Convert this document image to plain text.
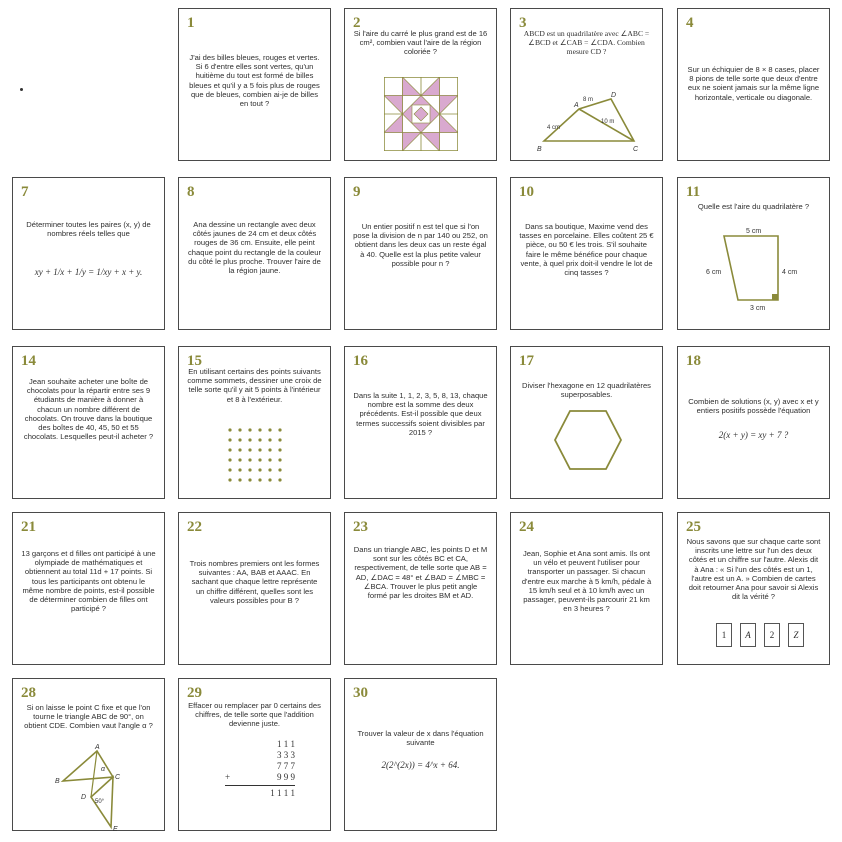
1
J'ai des billes bleues, rouges et vertes. Si 6 d'entre elles sont vertes, qu'un huitième du tout est formé de billes bleues et qu'il y a 5 fois plus de rouges que de bleues, combien ai-je de billes en tout ?
2
Si l'aire du carré le plus grand est de 16 cm², combien vaut l'aire de la région coloriée ?
3
ABCD est un quadrilatère avec ∠ABC = ∠BCD et ∠CAB = ∠CDA. Combien mesure CD ?
A
B	C
D
4 cm
10 m
8 m
4
Sur un échiquier de 8 × 8 cases, placer 8 pions de telle sorte que deux d'entre eux ne soient jamais sur la même ligne horizontale, verticale ou diagonale.
7
Déterminer toutes les paires (x, y) de nombres réels telles que
xy + 1/x + 1/y = 1/xy + x + y.
8
Ana dessine un rectangle avec deux côtés jaunes de 24 cm et deux côtés rouges de 36 cm. Ensuite, elle peint chaque point du rectangle de la couleur du côté le plus proche. Trouver l'aire de la région jaune.
9
Un entier positif n est tel que si l'on pose la division de n par 140 ou 252, on obtient dans les deux cas un reste égal à 40. Quelle est la plus petite valeur possible pour n ?
10
Dans sa boutique, Maxime vend des tasses en porcelaine. Elles coûtent 25 € pièce, ou 50 € les trois. S'il souhaite faire le même bénéfice pour chaque vente, à quel prix doit-il vendre le lot de cinq tasses ?
11
Quelle est l'aire du quadrilatère ?
5 cm
6 cm	4 cm
3 cm
14
Jean souhaite acheter une boîte de chocolats pour la répartir entre ses 9 étudiants de manière à donner à chacun un nombre différent de chocolats. On trouve dans la boutique des boîtes de 40, 45, 50 et 55 chocolats. Lesquelles peut-il acheter ?
15
En utilisant certains des points suivants comme sommets, dessiner une croix de telle sorte qu'il y ait 5 points à l'intérieur et 8 à l'extérieur.
16
Dans la suite 1, 1, 2, 3, 5, 8, 13, chaque nombre est la somme des deux précédents. Est-il possible que deux termes successifs soient divisibles par 2015 ?
17
Diviser l'hexagone en 12 quadrilatères superposables.
18
Combien de solutions (x, y) avec x et y entiers positifs possède l'équation
2(x + y) = xy + 7 ?
21
13 garçons et d filles ont participé à une olympiade de mathématiques et obtiennent au total 11d + 17 points. Si tous les participants ont obtenu le même nombre de points, est-il possible de déterminer combien de filles ont participé ?
22
Trois nombres premiers ont les formes suivantes : AA, BAB et AAAC. En sachant que chaque lettre représente un chiffre différent, quelles sont les valeurs possibles pour B ?
23
Dans un triangle ABC, les points D et M sont sur les côtés BC et CA, respectivement, de telle sorte que AB = AD, ∠DAC = 48° et ∠BAD = ∠MBC = ∠BCA. Trouver le plus petit angle formé par les droites BM et AD.
24
Jean, Sophie et Ana sont amis. Ils ont un vélo et peuvent l'utiliser pour transporter un passager. Si chacun d'entre eux marche à 5 km/h, pédale à 15 km/h seul et à 10 km/h avec un passager, peuvent-ils parcourir 21 km en 3 heures ?
25
Nous savons que sur chaque carte sont inscrits une lettre sur l'un des deux côtés et un chiffre sur l'autre. Alexis dit à Ana : « Si l'un des côtés est un 1, l'autre est un A. » Combien de cartes doit retourner Ana pour savoir si Alexis dit la vérité ?
1	A	2	Z
28
Si on laisse le point C fixe et que l'on tourne le triangle ABC de 90°, on obtient CDE. Combien vaut l'angle α ?
A
B
C
D
E
α
50°
29
Effacer ou remplacer par 0 certains des chiffres, de telle sorte que l'addition devienne juste.
1 1 1
3 3 3
7 7 7
+	9 9 9
1 1 1 1
30
Trouver la valeur de x dans l'équation suivante
2(2^(2x)) = 4^x + 64.
